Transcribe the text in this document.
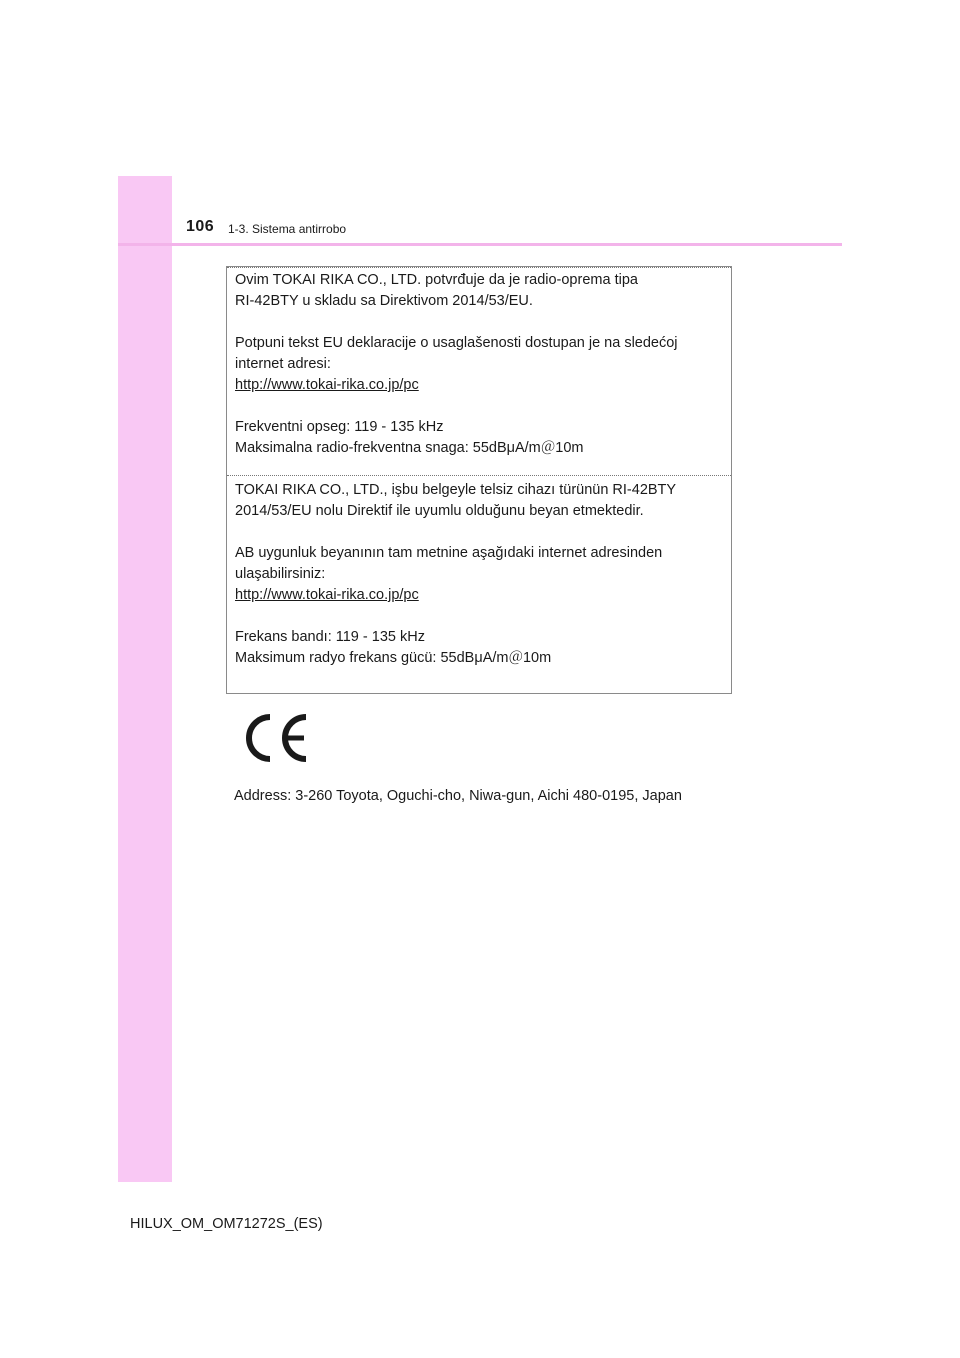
106 1-3. Sistema antirrobo

Ovim TOKAI RIKA CO., LTD. potvrđuje da je radio-oprema tipa

RI-42BTY u skladu sa Direktivom 2014/53/EU.

Potpuni tekst EU deklaracije o usaglašenosti dostupan je na sledećoj

internet adresi:

http://www.tokai-rika.co.jp/pc

Frekventni opseg: 119 - 135 kHz

Maksimalna radio-frekventna snaga: 55dBμA/m＠10m

TOKAI RIKA CO., LTD., işbu belgeyle telsiz cihazı türünün RI-42BTY

2014/53/EU nolu Direktif ile uyumlu olduğunu beyan etmektedir.

AB uygunluk beyanının tam metnine aşağıdaki internet adresinden

ulaşabilirsiniz:

http://www.tokai-rika.co.jp/pc

Frekans bandı: 119 - 135 kHz

Maksimum radyo frekans gücü: 55dBμA/m＠10m

Address: 3-260 Toyota, Oguchi-cho, Niwa-gun, Aichi 480-0195, Japan
HILUX_OM_OM71272S_(ES)
